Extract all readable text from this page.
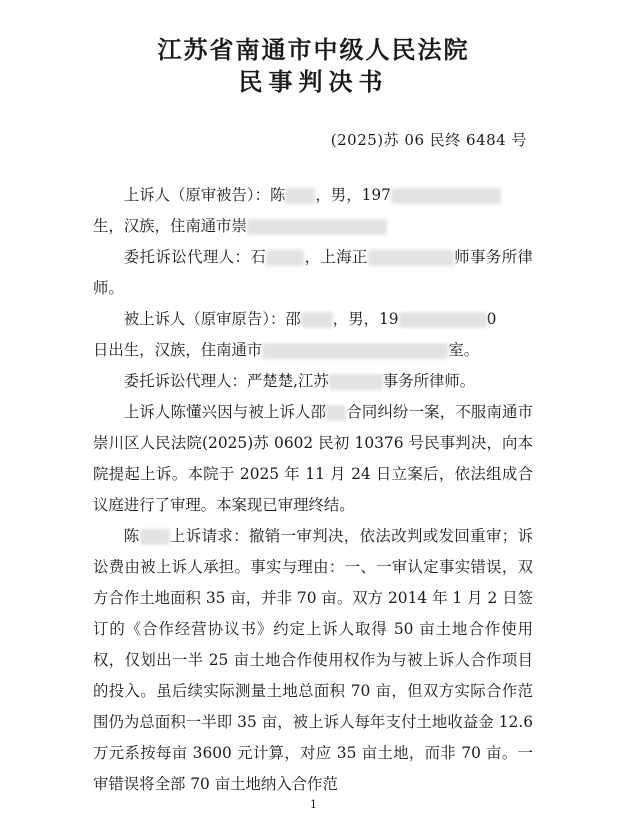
江苏省南通市中级人民法院
民事判决书
(2025)苏 06 民终 6484 号

上诉人（原审被告）：陈 ，男，197
生，汉族，住南通市崇

委托诉讼代理人：石 ，上海正	师事务所律师。

被上诉人（原审原告）：邵 ，男，19	0
日出生，汉族，住南通市	室。

委托诉讼代理人：严楚楚,江苏	事务所律师。

上诉人陈懂兴因与被上诉人邵 合同纠纷一案，不服南通市崇川区人民法院(2025)苏 0602 民初 10376 号民事判决，向本院提起上诉。本院于 2025 年 11 月 24 日立案后，依法组成合议庭进行了审理。本案现已审理终结。

陈 上诉请求：撤销一审判决，依法改判或发回重审；诉讼费由被上诉人承担。事实与理由：一、一审认定事实错误，双方合作土地面积 35 亩，并非 70 亩。双方 2014 年 1 月 2 日签订的《合作经营协议书》约定上诉人取得 50 亩土地合作使用权，仅划出一半 25 亩土地合作使用权作为与被上诉人合作项目的投入。虽后续实际测量土地总面积 70 亩，但双方实际合作范围仍为总面积一半即 35 亩，被上诉人每年支付土地收益金 12.6 万元系按每亩 3600 元计算，对应 35 亩土地，而非 70 亩。一审错误将全部 70 亩土地纳入合作范

1
